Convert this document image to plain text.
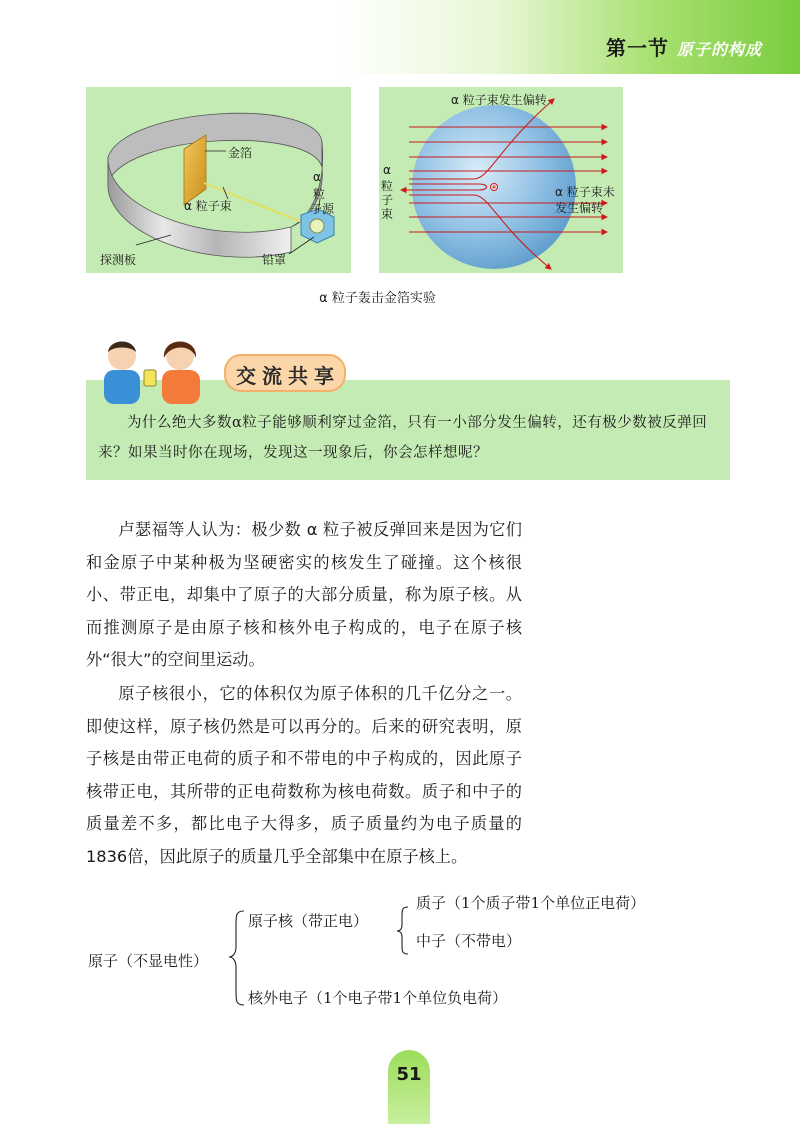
第一节 原子的构成
金箔
α 粒子束
α
粒
子源
探测板	铅罩
α 粒子束发生偏转
α
粒
子
束
α 粒子束未
发生偏转
α 粒子轰击金箔实验
交流共享
为什么绝大多数α粒子能够顺利穿过金箔，只有一小部分发生偏转，还有极少数被反弹回来？如果当时你在现场，发现这一现象后，你会怎样想呢？
卢瑟福等人认为：极少数 α 粒子被反弹回来是因为它们和金原子中某种极为坚硬密实的核发生了碰撞。这个核很小、带正电，却集中了原子的大部分质量，称为原子核。从而推测原子是由原子核和核外电子构成的，电子在原子核外“很大”的空间里运动。
原子核很小，它的体积仅为原子体积的几千亿分之一。即使这样，原子核仍然是可以再分的。后来的研究表明，原子核是由带正电荷的质子和不带电的中子构成的，因此原子核带正电，其所带的正电荷数称为核电荷数。质子和中子的质量差不多，都比电子大得多，质子质量约为电子质量的1836倍，因此原子的质量几乎全部集中在原子核上。
原子（不显电性）
原子核（带正电）
质子（1个质子带1个单位正电荷）
中子（不带电）
核外电子（1个电子带1个单位负电荷）
51
